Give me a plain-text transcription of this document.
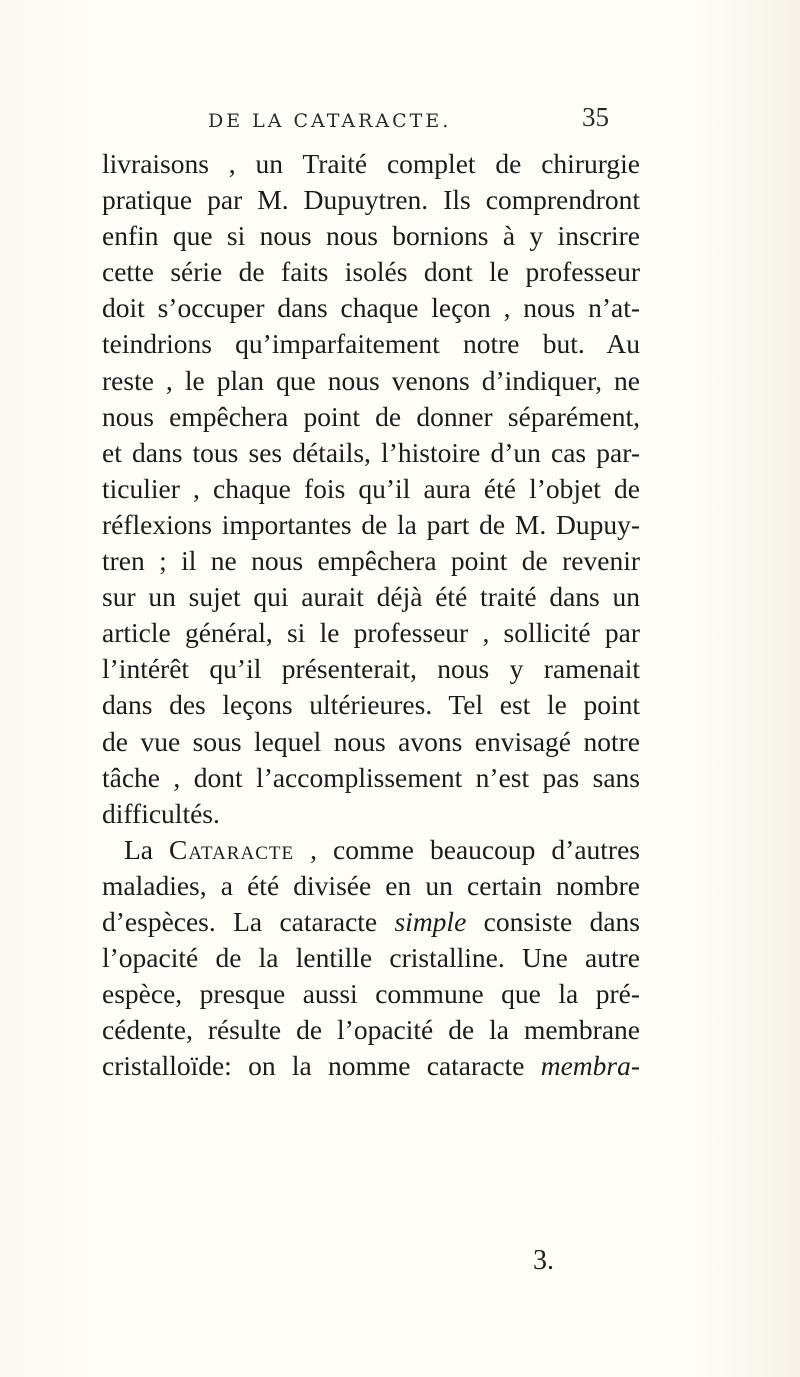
DE LA CATARACTE.	35
livraisons , un Traité complet de chirurgie
pratique par M. Dupuytren. Ils comprendront
enfin que si nous nous bornions à y inscrire
cette série de faits isolés dont le professeur
doit s’occuper dans chaque leçon , nous n’at-
teindrions qu’imparfaitement notre but. Au
reste , le plan que nous venons d’indiquer, ne
nous empêchera point de donner séparément,
et dans tous ses détails, l’histoire d’un cas par-
ticulier , chaque fois qu’il aura été l’objet de
réflexions importantes de la part de M. Dupuy-
tren ; il ne nous empêchera point de revenir
sur un sujet qui aurait déjà été traité dans un
article général, si le professeur , sollicité par
l’intérêt qu’il présenterait, nous y ramenait
dans des leçons ultérieures. Tel est le point
de vue sous lequel nous avons envisagé notre
tâche , dont l’accomplissement n’est pas sans
difficultés.
La Cataracte , comme beaucoup d’autres
maladies, a été divisée en un certain nombre
d’espèces. La cataracte simple consiste dans
l’opacité de la lentille cristalline. Une autre
espèce, presque aussi commune que la pré-
cédente, résulte de l’opacité de la membrane
cristalloïde: on la nomme cataracte membra-
3.
